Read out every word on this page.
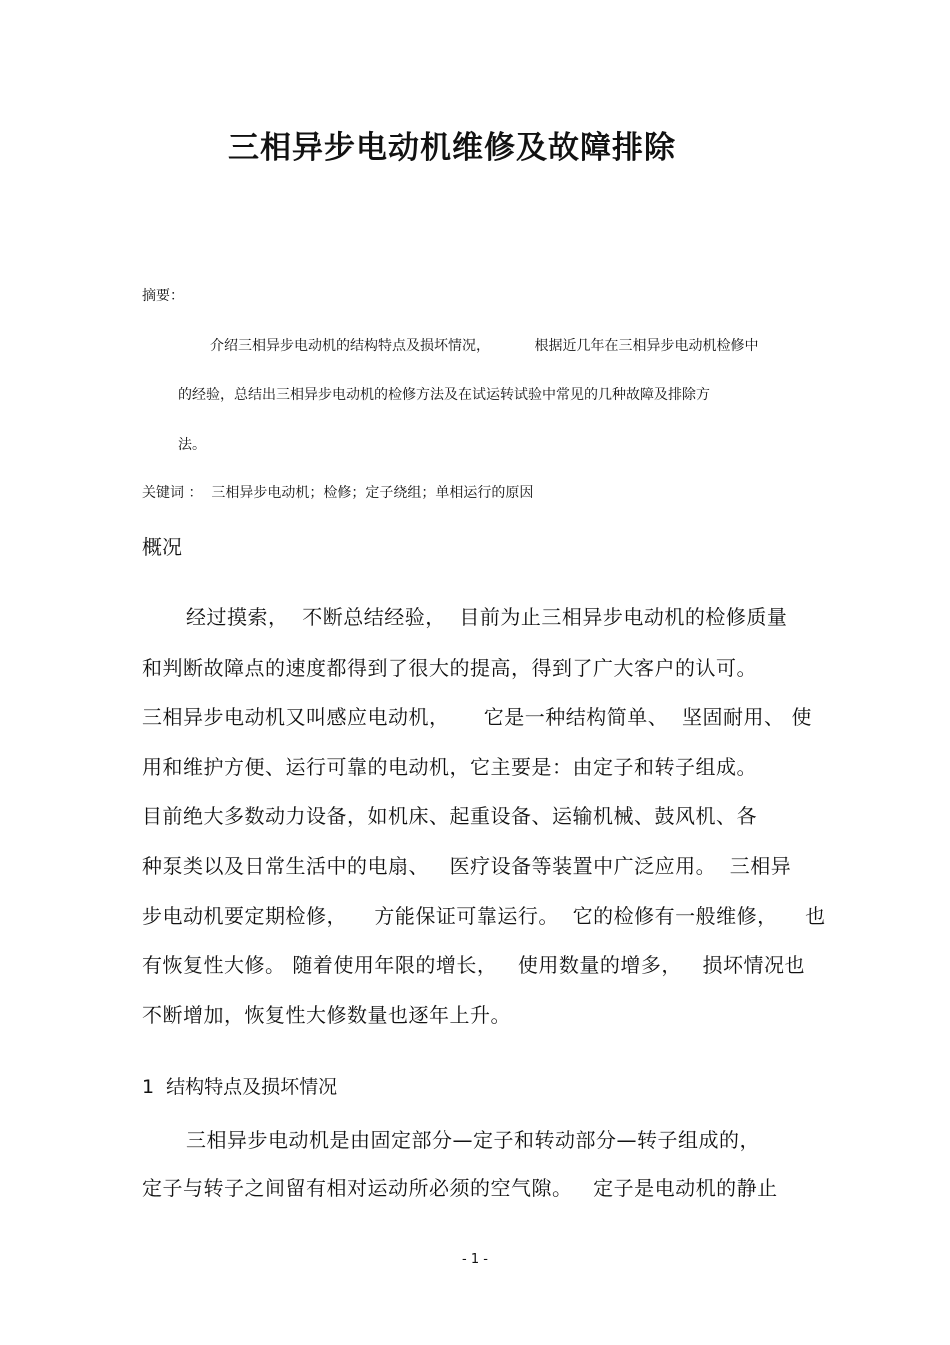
三相异步电动机维修及故障排除

摘要：

介绍三相异步电动机的结构特点及损坏情况，          根据近几年在三相异步电动机检修中

的经验，总结出三相异步电动机的检修方法及在试运转试验中常见的几种故障及排除方

法。

关键词 ：  三相异步电动机；检修；定子绕组；单相运行的原因

概况

经过摸索，  不断总结经验，  目前为止三相异步电动机的检修质量

和判断故障点的速度都得到了很大的提高，得到了广大客户的认可。

三相异步电动机又叫感应电动机，     它是一种结构简单、  坚固耐用、 使

用和维护方便、运行可靠的电动机，它主要是：由定子和转子组成。

目前绝大多数动力设备，如机床、起重设备、运输机械、鼓风机、各

种泵类以及日常生活中的电扇、   医疗设备等装置中广泛应用。  三相异

步电动机要定期检修，    方能保证可靠运行。  它的检修有一般维修，    也

有恢复性大修。 随着使用年限的增长，   使用数量的增多，   损坏情况也

不断增加，恢复性大修数量也逐年上升。

1  结构特点及损坏情况

三相异步电动机是由固定部分—定子和转动部分—转子组成的，

定子与转子之间留有相对运动所必须的空气隙。   定子是电动机的静止

- 1 -
